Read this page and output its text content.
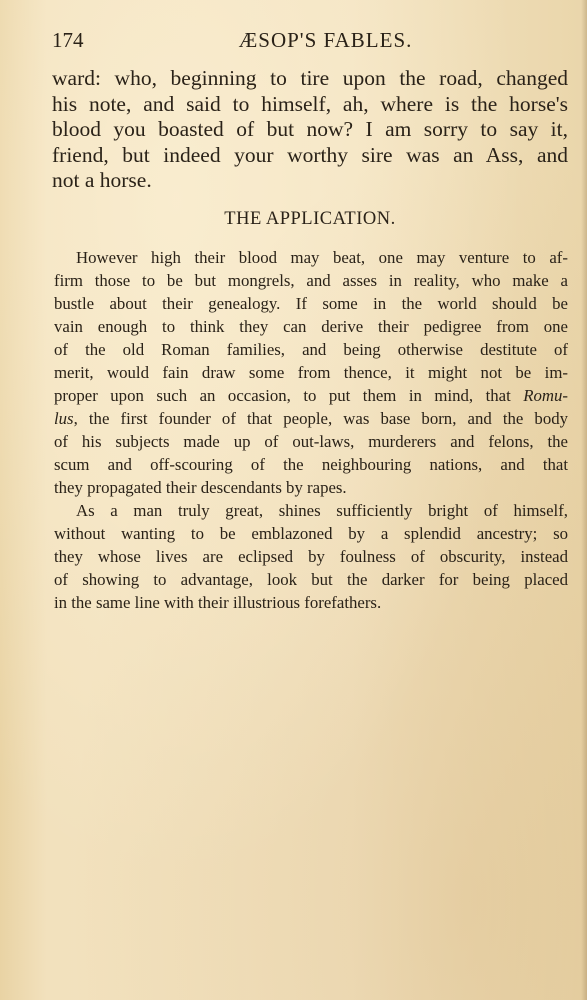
174	ÆSOP'S FABLES.
ward: who, beginning to tire upon the road, changed
his note, and said to himself, ah, where is the horse's
blood you boasted of but now? I am sorry to say it,
friend, but indeed your worthy sire was an Ass, and
not a horse.
THE APPLICATION.
However high their blood may beat, one may venture to af-
firm those to be but mongrels, and asses in reality, who make a
bustle about their genealogy. If some in the world should be
vain enough to think they can derive their pedigree from one
of the old Roman families, and being otherwise destitute of
merit, would fain draw some from thence, it might not be im-
proper upon such an occasion, to put them in mind, that Romu-
lus, the first founder of that people, was base born, and the body
of his subjects made up of out-laws, murderers and felons, the
scum and off-scouring of the neighbouring nations, and that
they propagated their descendants by rapes.
As a man truly great, shines sufficiently bright of himself,
without wanting to be emblazoned by a splendid ancestry; so
they whose lives are eclipsed by foulness of obscurity, instead
of showing to advantage, look but the darker for being placed
in the same line with their illustrious forefathers.
